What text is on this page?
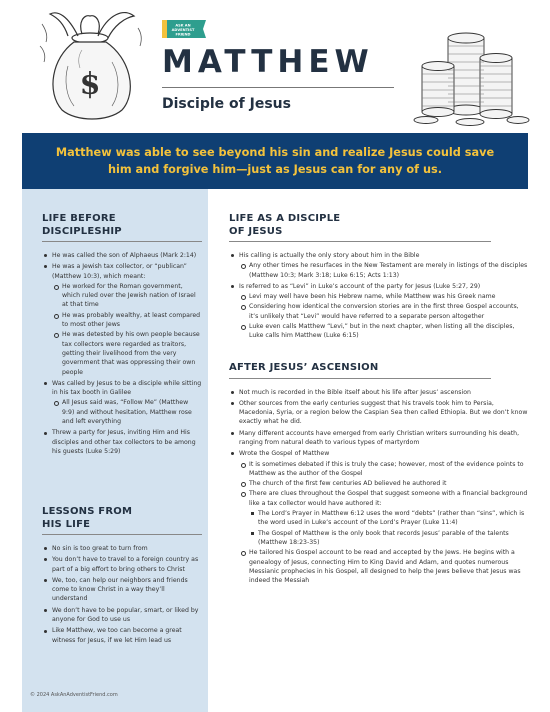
$
ASK AN
ADVENTIST
FRIEND
MATTHEW
Disciple of Jesus
Matthew was able to see beyond his sin and realize Jesus could save him and forgive him—just as Jesus can for any of us.
LIFE BEFORE
DISCIPLESHIP
He was called the son of Alphaeus (Mark 2:14)
He was a Jewish tax collector, or “publican” (Matthew 10:3), which meant:
He worked for the Roman government, which ruled over the Jewish nation of Israel at that time
He was probably wealthy, at least compared to most other Jews
He was detested by his own people because tax collectors were regarded as traitors, getting their livelihood from the very government that was oppressing their own people
Was called by Jesus to be a disciple while sitting in his tax booth in Galilee
All Jesus said was, “Follow Me” (Matthew 9:9) and without hesitation, Matthew rose and left everything
Threw a party for Jesus, inviting Him and His disciples and other tax collectors to be among his guests (Luke 5:29)
LESSONS FROM
HIS LIFE
No sin is too great to turn from
You don’t have to travel to a foreign country as part of a big effort to bring others to Christ
We, too, can help our neighbors and friends come to know Christ in a way they’ll understand
We don’t have to be popular, smart, or liked by anyone for God to use us
Like Matthew, we too can become a great witness for Jesus, if we let Him lead us
© 2024 AskAnAdventistFriend.com
LIFE AS A DISCIPLE
OF JESUS
His calling is actually the only story about him in the Bible
Any other times he resurfaces in the New Testament are merely in listings of the disciples (Matthew 10:3; Mark 3:18; Luke 6:15; Acts 1:13)
Is referred to as “Levi” in Luke’s account of the party for Jesus (Luke 5:27, 29)
Levi may well have been his Hebrew name, while Matthew was his Greek name
Considering how identical the conversion stories are in the first three Gospel accounts, it’s unlikely that “Levi” would have referred to a separate person altogether
Luke even calls Matthew “Levi,” but in the next chapter, when listing all the disciples, Luke calls him Matthew (Luke 6:15)
AFTER JESUS’ ASCENSION
Not much is recorded in the Bible itself about his life after Jesus’ ascension
Other sources from the early centuries suggest that his travels took him to Persia, Macedonia, Syria, or a region below the Caspian Sea then called Ethiopia. But we don’t know exactly what he did.
Many different accounts have emerged from early Christian writers surrounding his death, ranging from natural death to various types of martyrdom
Wrote the Gospel of Matthew
It is sometimes debated if this is truly the case; however, most of the evidence points to Matthew as the author of the Gospel
The church of the first few centuries AD believed he authored it
There are clues throughout the Gospel that suggest someone with a financial background like a tax collector would have authored it:
The Lord’s Prayer in Matthew 6:12 uses the word “debts” (rather than “sins”, which is the word used in Luke’s account of the Lord’s Prayer (Luke 11:4)
The Gospel of Matthew is the only book that records Jesus’ parable of the talents (Matthew 18:23-35)
He tailored his Gospel account to be read and accepted by the Jews. He begins with a genealogy of Jesus, connecting Him to King David and Adam, and quotes numerous Messianic prophecies in his Gospel, all designed to help the Jews believe that Jesus was indeed the Messiah
